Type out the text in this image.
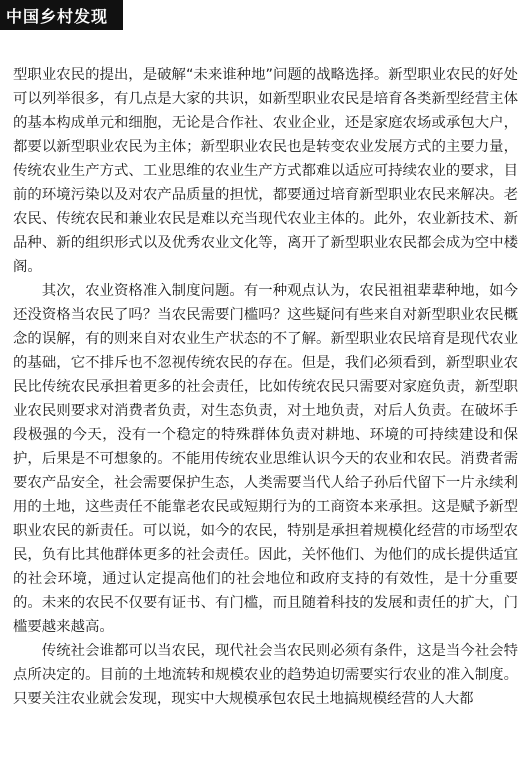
中国乡村发现

型职业农民的提出，是破解“未来谁种地”问题的战略选择。新型职业农民的好处可以列举很多，有几点是大家的共识，如新型职业农民是培育各类新型经营主体的基本构成单元和细胞，无论是合作社、农业企业，还是家庭农场或承包大户，都要以新型职业农民为主体；新型职业农民也是转变农业发展方式的主要力量，传统农业生产方式、工业思维的农业生产方式都难以适应可持续农业的要求，目前的环境污染以及对农产品质量的担忧，都要通过培育新型职业农民来解决。老农民、传统农民和兼业农民是难以充当现代农业主体的。此外，农业新技术、新品种、新的组织形式以及优秀农业文化等，离开了新型职业农民都会成为空中楼阁。

其次，农业资格准入制度问题。有一种观点认为，农民祖祖辈辈种地，如今还没资格当农民了吗？当农民需要门槛吗？这些疑问有些来自对新型职业农民概念的误解，有的则来自对农业生产状态的不了解。新型职业农民培育是现代农业的基础，它不排斥也不忽视传统农民的存在。但是，我们必须看到，新型职业农民比传统农民承担着更多的社会责任，比如传统农民只需要对家庭负责，新型职业农民则要求对消费者负责，对生态负责，对土地负责，对后人负责。在破坏手段极强的今天，没有一个稳定的特殊群体负责对耕地、环境的可持续建设和保护，后果是不可想象的。不能用传统农业思维认识今天的农业和农民。消费者需要农产品安全，社会需要保护生态，人类需要当代人给子孙后代留下一片永续利用的土地，这些责任不能靠老农民或短期行为的工商资本来承担。这是赋予新型职业农民的新责任。可以说，如今的农民，特别是承担着规模化经营的市场型农民，负有比其他群体更多的社会责任。因此，关怀他们、为他们的成长提供适宜的社会环境，通过认定提高他们的社会地位和政府支持的有效性，是十分重要的。未来的农民不仅要有证书、有门槛，而且随着科技的发展和责任的扩大，门槛要越来越高。

传统社会谁都可以当农民，现代社会当农民则必须有条件，这是当今社会特点所决定的。目前的土地流转和规模农业的趋势迫切需要实行农业的准入制度。只要关注农业就会发现，现实中大规模承包农民土地搞规模经营的人大都
